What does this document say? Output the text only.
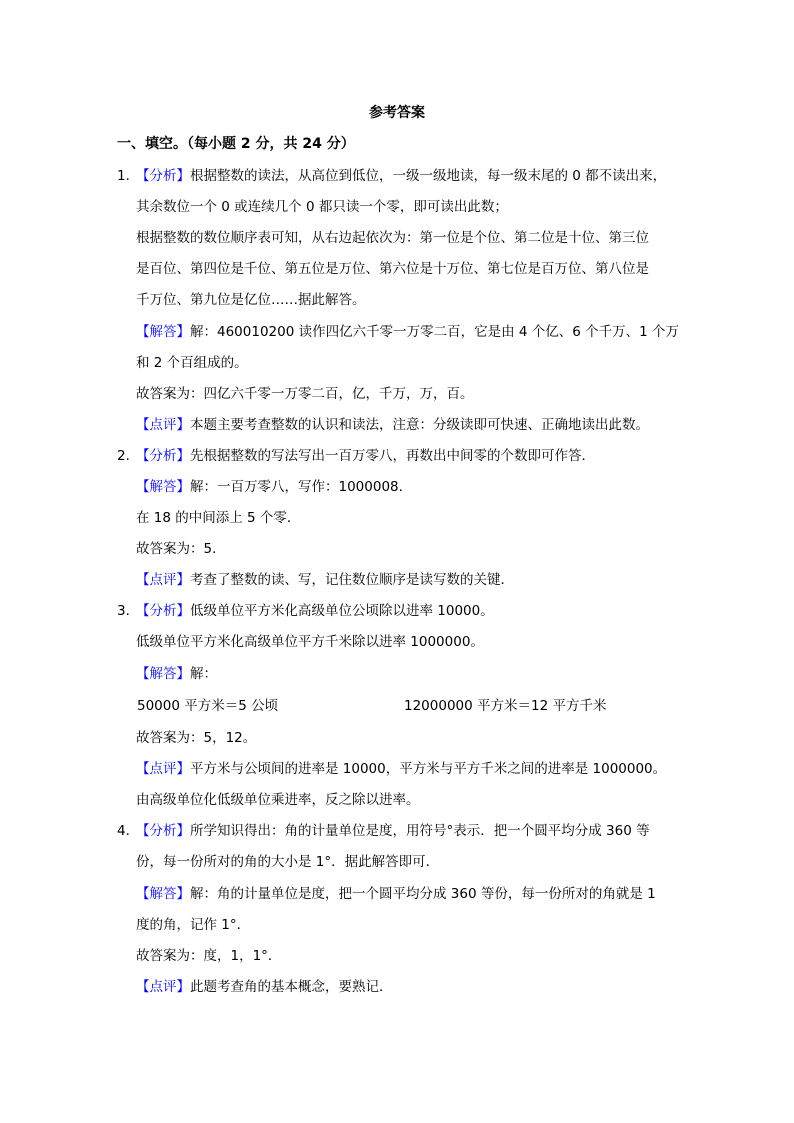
参考答案
一、填空。（每小题 2 分，共 24 分）
1．【分析】根据整数的读法，从高位到低位，一级一级地读，每一级末尾的 0 都不读出来，
其余数位一个 0 或连续几个 0 都只读一个零，即可读出此数；
根据整数的数位顺序表可知，从右边起依次为：第一位是个位、第二位是十位、第三位
是百位、第四位是千位、第五位是万位、第六位是十万位、第七位是百万位、第八位是
千万位、第九位是亿位……据此解答。
【解答】解：460010200 读作四亿六千零一万零二百，它是由 4 个亿、6 个千万、1 个万
和 2 个百组成的。
故答案为：四亿六千零一万零二百，亿，千万，万，百。
【点评】本题主要考查整数的认识和读法，注意：分级读即可快速、正确地读出此数。
2．【分析】先根据整数的写法写出一百万零八，再数出中间零的个数即可作答．
【解答】解：一百万零八，写作：1000008．
在 18 的中间添上 5 个零．
故答案为：5．
【点评】考查了整数的读、写，记住数位顺序是读写数的关键．
3．【分析】低级单位平方米化高级单位公顷除以进率 10000。
低级单位平方米化高级单位平方千米除以进率 1000000。
【解答】解：
50000 平方米＝5 公顷	12000000 平方米＝12 平方千米
故答案为：5，12。
【点评】平方米与公顷间的进率是 10000，平方米与平方千米之间的进率是 1000000。
由高级单位化低级单位乘进率，反之除以进率。
4．【分析】所学知识得出：角的计量单位是度，用符号°表示．把一个圆平均分成 360 等
份，每一份所对的角的大小是 1°．据此解答即可．
【解答】解：角的计量单位是度，把一个圆平均分成 360 等份，每一份所对的角就是 1
度的角，记作 1°．
故答案为：度，1，1°．
【点评】此题考查角的基本概念，要熟记．
